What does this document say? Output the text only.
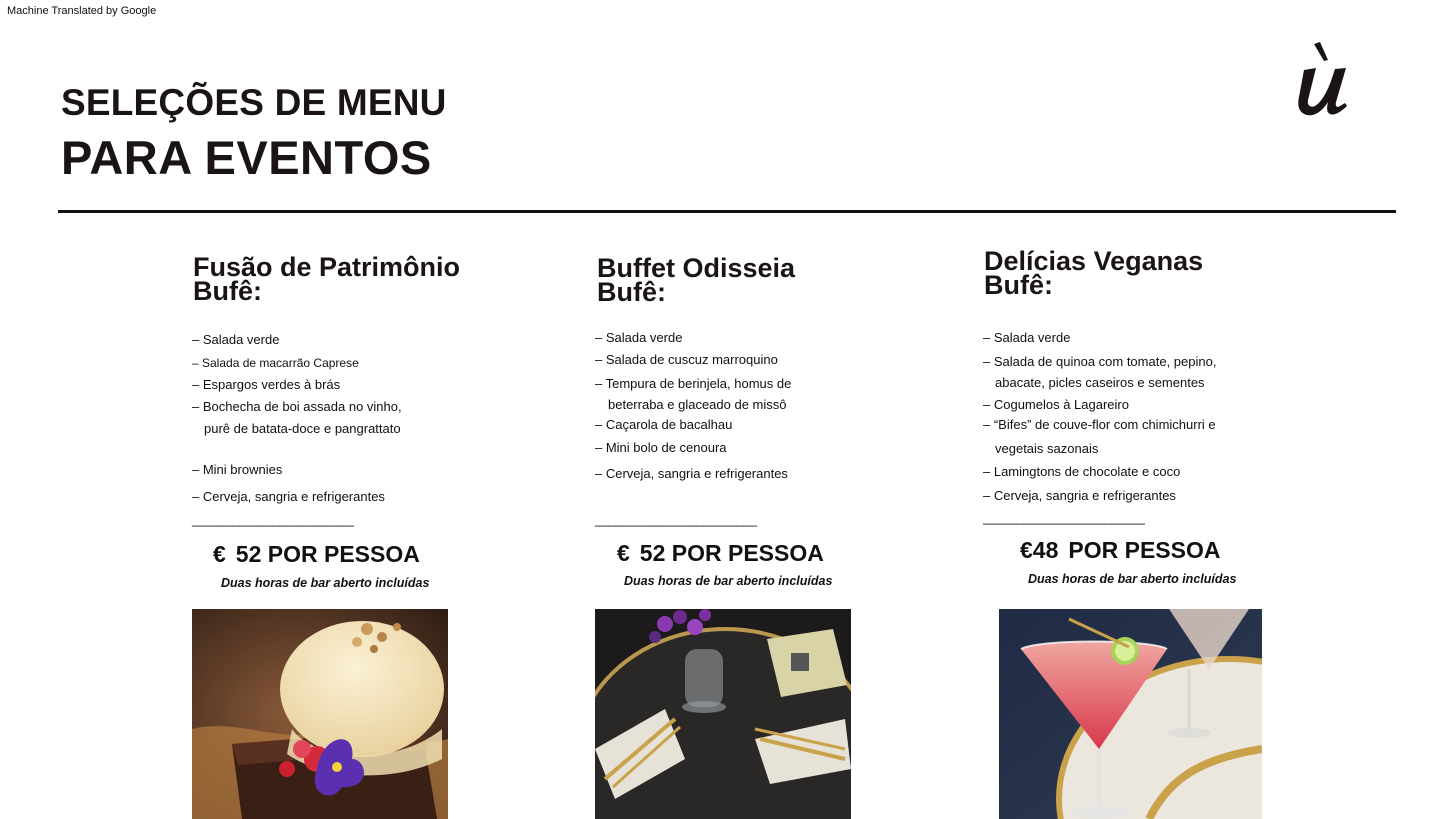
Machine Translated by Google
SELEÇÕES DE MENU
PARA EVENTOS
Fusão de Patrimônio
Bufê:
– Salada verde
– Salada de macarrão Caprese
– Espargos verdes à brás
– Bochecha de boi assada no vinho,
purê de batata-doce e pangrattato
– Mini brownies
– Cerveja, sangria e refrigerantes
________________________
€ 52 POR PESSOA
Duas horas de bar aberto incluídas
Buffet Odisseia
Bufê:
– Salada verde
– Salada de cuscuz marroquino
– Tempura de berinjela, homus de
beterraba e glaceado de missô
– Caçarola de bacalhau
– Mini bolo de cenoura
– Cerveja, sangria e refrigerantes
________________________
€ 52 POR PESSOA
Duas horas de bar aberto incluídas
Delícias Veganas
Bufê:
– Salada verde
– Salada de quinoa com tomate, pepino,
abacate, picles caseiros e sementes
– Cogumelos à Lagareiro
– “Bifes” de couve-flor com chimichurri e
vegetais sazonais
– Lamingtons de chocolate e coco
– Cerveja, sangria e refrigerantes
________________________
€48 POR PESSOA
Duas horas de bar aberto incluídas
